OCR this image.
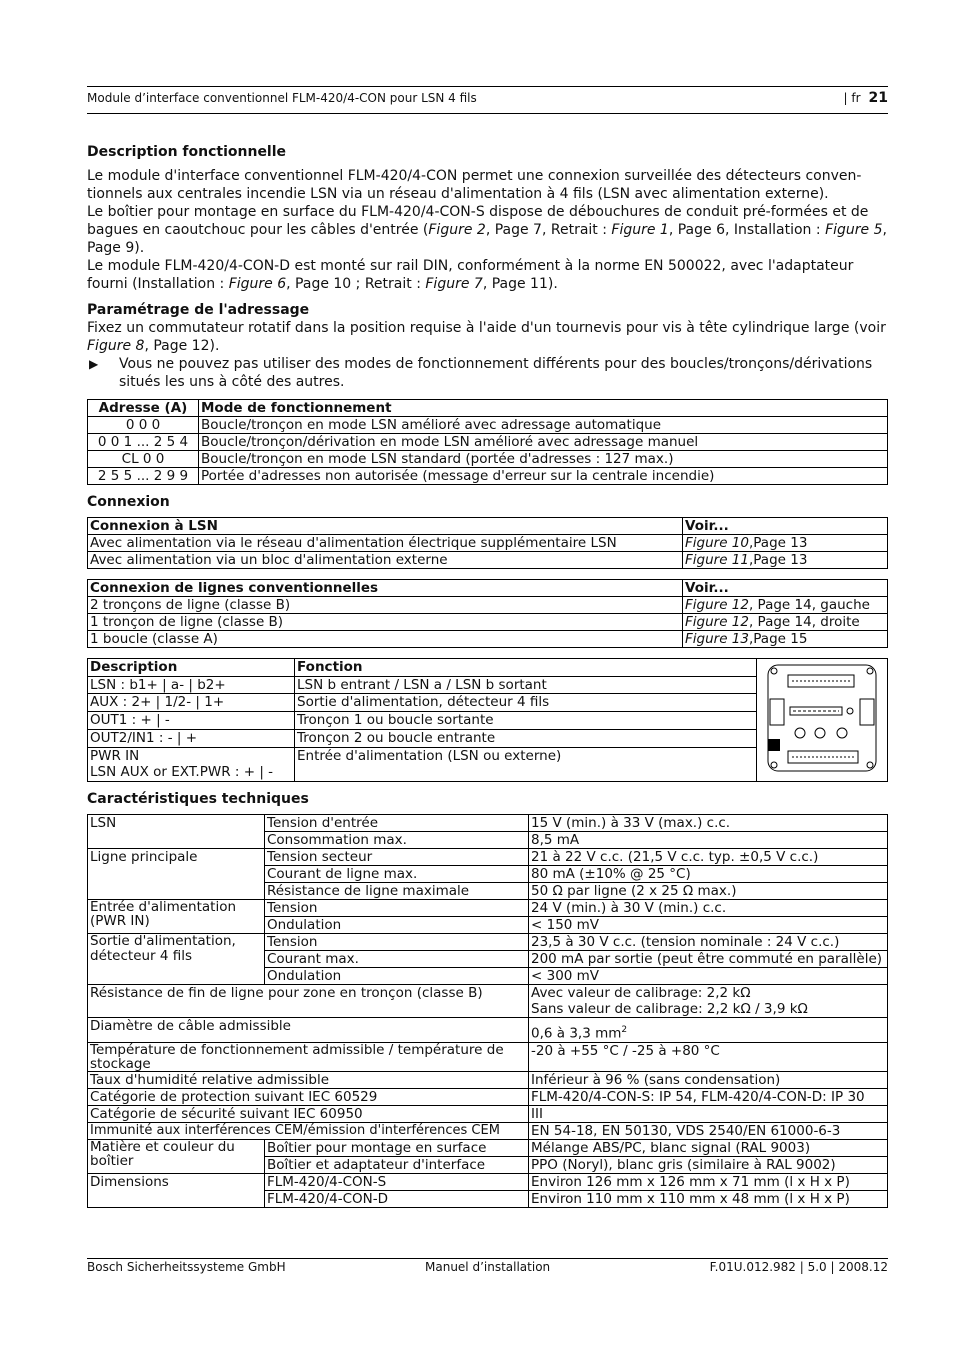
Module d’interface conventionnel FLM-420/4-CON pour LSN 4 fils	| fr 21
Description fonctionnelle

Le module d'interface conventionnel FLM-420/4-CON permet une connexion surveillée des détecteurs conven-tionnels aux centrales incendie LSN via un réseau d'alimentation à 4 fils (LSN avec alimentation externe).

Le boîtier pour montage en surface du FLM-420/4-CON-S dispose de débouchures de conduit pré-formées et de bagues en caoutchouc pour les câbles d'entrée (Figure 2, Page 7, Retrait : Figure 1, Page 6, Installation : Figure 5, Page 9).

Le module FLM-420/4-CON-D est monté sur rail DIN, conformément à la norme EN 500022, avec l'adaptateur fourni (Installation : Figure 6, Page 10 ; Retrait : Figure 7, Page 11).

Paramétrage de l'adressage

Fixez un commutateur rotatif dans la position requise à l'aide d'un tournevis pour vis à tête cylindrique large (voir Figure 8, Page 12).

▶ Vous ne pouvez pas utiliser des modes de fonctionnement différents pour des boucles/tronçons/dérivations situés les uns à côté des autres.
Adresse (A)	Mode de fonctionnement
0 0 0	Boucle/tronçon en mode LSN amélioré avec adressage automatique
0 0 1 ... 2 5 4	Boucle/tronçon/dérivation en mode LSN amélioré avec adressage manuel
CL 0 0	Boucle/tronçon en mode LSN standard (portée d'adresses : 127 max.)
2 5 5 ... 2 9 9	Portée d'adresses non autorisée (message d'erreur sur la centrale incendie)
Connexion
Connexion à LSN	Voir...
Avec alimentation via le réseau d'alimentation électrique supplémentaire LSN	Figure 10,Page 13
Avec alimentation via un bloc d'alimentation externe	Figure 11,Page 13
Connexion de lignes conventionnelles	Voir...
2 tronçons de ligne (classe B)	Figure 12, Page 14, gauche
1 tronçon de ligne (classe B)	Figure 12, Page 14, droite
1 boucle (classe A)	Figure 13,Page 15
Description	Fonction	
LSN : b1+ | a- | b2+	LSN b entrant / LSN a / LSN b sortant	
AUX : 2+ | 1/2- | 1+	Sortie d'alimentation, détecteur 4 fils	
OUT1 : + | -	Tronçon 1 ou boucle sortante	
OUT2/IN1 : - | +	Tronçon 2 ou boucle entrante	

PWR IN
LSN AUX or EXT.PWR : + | -	Entrée d'alimentation (LSN ou externe)	
Caractéristiques techniques
LSN	Tension d'entrée	15 V (min.) à 33 V (max.) c.c.
	Consommation max.	8,5 mA
Ligne principale	Tension secteur	21 à 22 V c.c. (21,5 V c.c. typ. ±0,5 V c.c.)
	Courant de ligne max.	80 mA (±10% @ 25 °C)
	Résistance de ligne maximale	50 Ω par ligne (2 x 25 Ω max.)
Entrée d'alimentation (PWR IN)	Tension	24 V (min.) à 30 V (min.) c.c.
	Ondulation	< 150 mV
Sortie d'alimentation, détecteur 4 fils	Tension	23,5 à 30 V c.c. (tension nominale : 24 V c.c.)
	Courant max.	200 mA par sortie (peut être commuté en parallèle)
	Ondulation	< 300 mV
Résistance de fin de ligne pour zone en tronçon (classe B)		Avec valeur de calibrage: 2,2 kΩ
Sans valeur de calibrage: 2,2 kΩ / 3,9 kΩ

Diamètre de câble admissible		0,6 à 3,3 $mm^2$
Température de fonctionnement admissible / température de stockage		-20 à +55 °C / -25 à +80 °C
Taux d'humidité relative admissible		Inférieur à 96 % (sans condensation)
Catégorie de protection suivant IEC 60529		FLM-420/4-CON-S: IP 54, FLM-420/4-CON-D: IP 30
Catégorie de sécurité suivant IEC 60950		III
Immunité aux interférences CEM/émission d'interférences CEM		EN 54-18, EN 50130, VDS 2540/EN 61000-6-3
Matière et couleur du boîtier	Boîtier pour montage en surface	Mélange ABS/PC, blanc signal (RAL 9003)
	Boîtier et adaptateur d'interface	PPO (Noryl), blanc gris (similaire à RAL 9002)
Dimensions	FLM-420/4-CON-S	Environ 126 mm x 126 mm x 71 mm (l x H x P)
	FLM-420/4-CON-D	Environ 110 mm x 110 mm x 48 mm (l x H x P)
Bosch Sicherheitssysteme GmbH	Manuel d’installation	F.01U.012.982 | 5.0 | 2008.12
